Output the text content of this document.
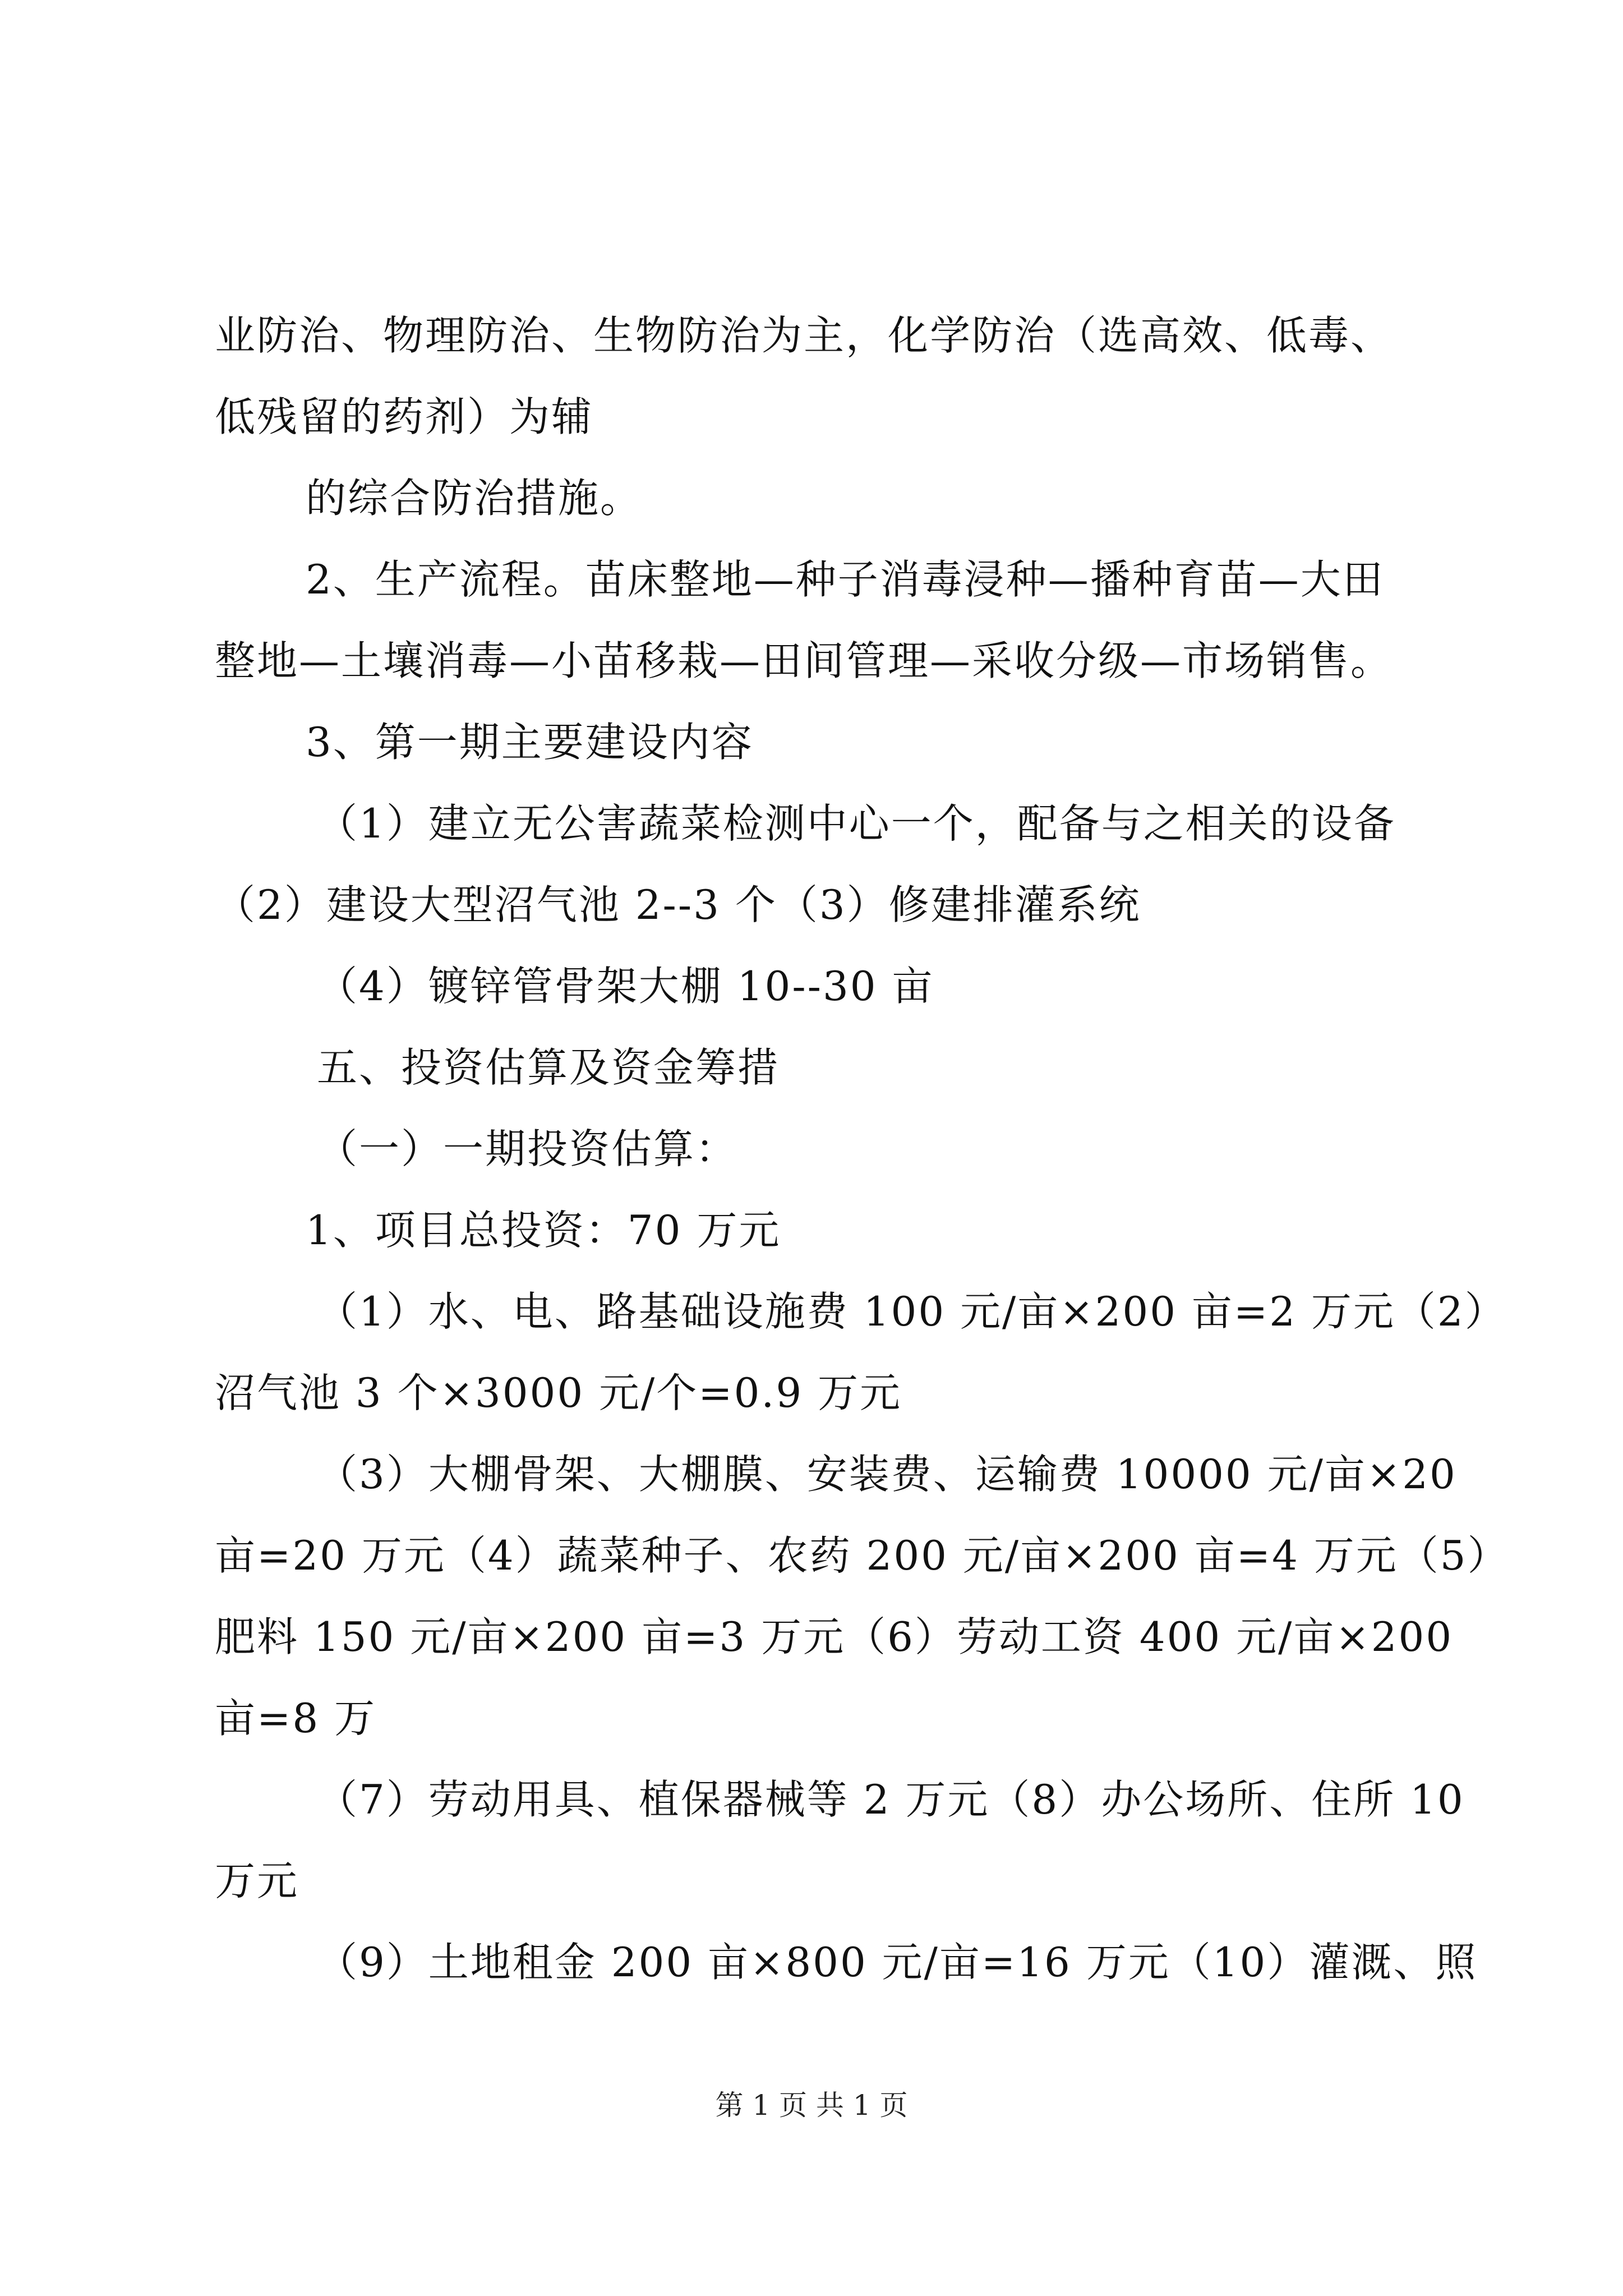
业防治、物理防治、生物防治为主，化学防治（选高效、低毒、
低残留的药剂）为辅
的综合防治措施。
2、生产流程。苗床整地—种子消毒浸种—播种育苗—大田
整地—土壤消毒—小苗移栽—田间管理—采收分级—市场销售。
3、第一期主要建设内容
（1）建立无公害蔬菜检测中心一个，配备与之相关的设备
（2）建设大型沼气池 2--3 个（3）修建排灌系统
（4）镀锌管骨架大棚 10--30 亩
五、投资估算及资金筹措
（一）一期投资估算：
1、项目总投资：70 万元
（1）水、电、路基础设施费 100 元/亩×200 亩=2 万元（2）
沼气池 3 个×3000 元/个=0.9 万元
（3）大棚骨架、大棚膜、安装费、运输费 10000 元/亩×20
亩=20 万元（4）蔬菜种子、农药 200 元/亩×200 亩=4 万元（5）
肥料 150 元/亩×200 亩=3 万元（6）劳动工资 400 元/亩×200
亩=8 万
（7）劳动用具、植保器械等 2 万元（8）办公场所、住所 10
万元
（9）土地租金 200 亩×800 元/亩=16 万元（10）灌溉、照
第 1 页 共 1 页
